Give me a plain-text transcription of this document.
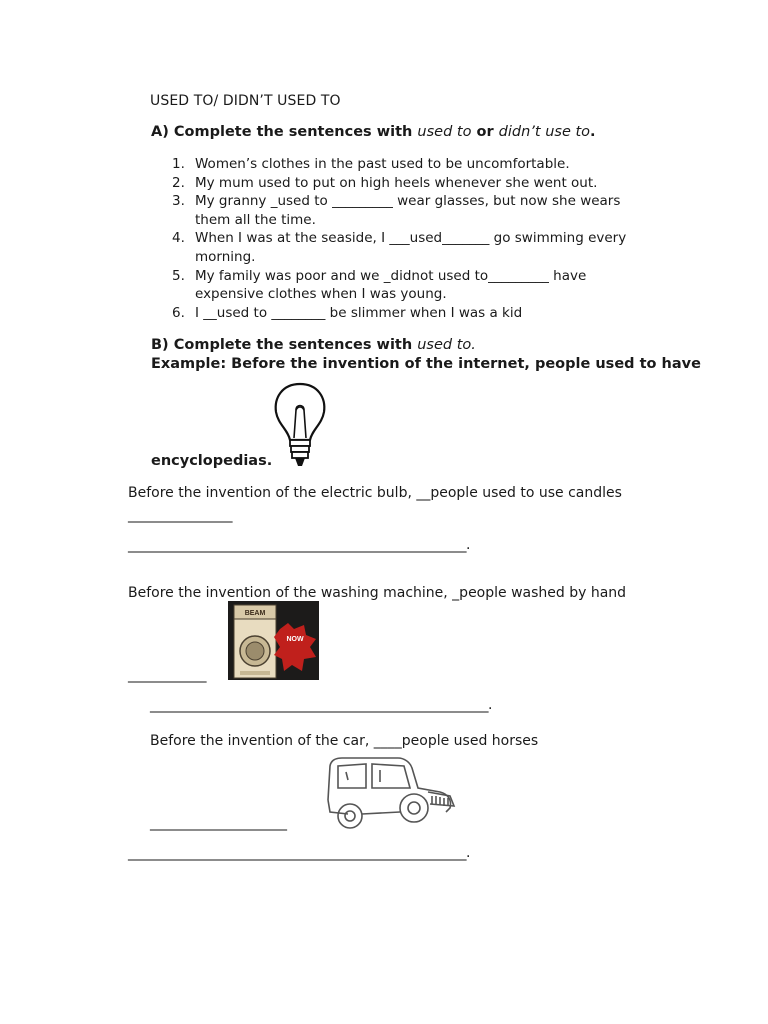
USED TO/ DIDN’T USED TO
A) Complete the sentences with used to or didn’t use to.
1. Women’s clothes in the past used to be uncomfortable.
2. My mum used to put on high heels whenever she went out.
3. My granny _used to _________ wear glasses, but now she wears them all the time.
4. When I was at the seaside, I ___used_______ go swimming every morning.
5. My family was poor and we _didnot used to_________ have expensive clothes when I was young.
6. I __used to ________ be slimmer when I was a kid
B) Complete the sentences with used to.
Example: Before the invention of the internet, people used to have
encyclopedias.
Before the invention of the electric bulb, __people used to use candles
________________
____________________________________________________.
Before the invention of the washing machine, _people washed by hand
BEAM
NOW
____________
____________________________________________________.
Before the invention of the car, ____people used horses
_____________________
____________________________________________________.
